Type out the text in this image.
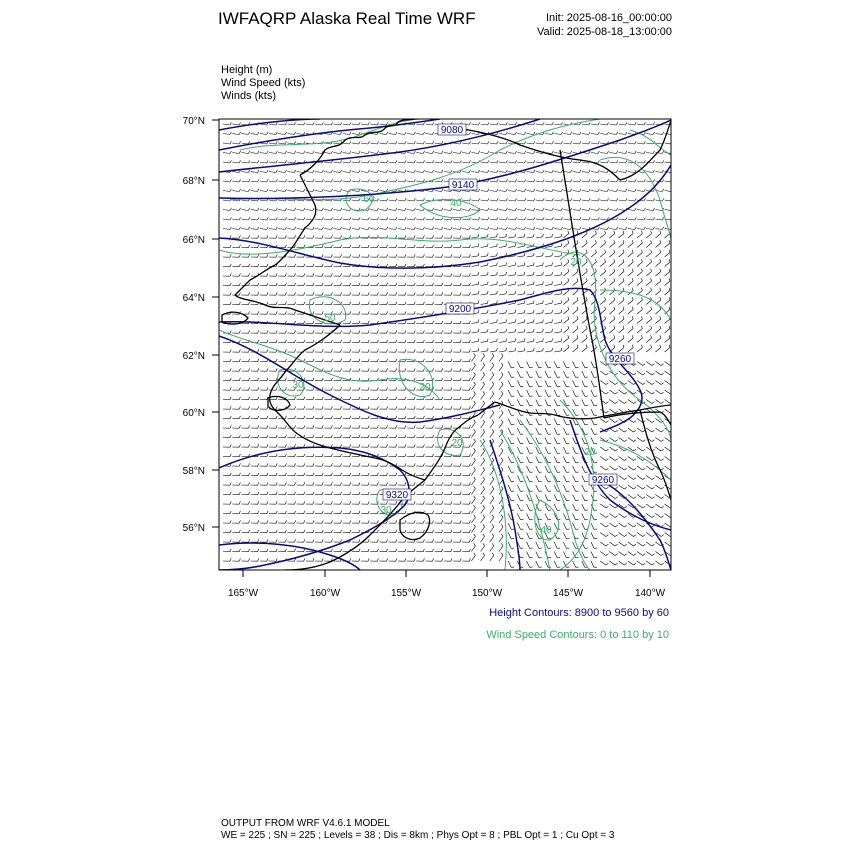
IWFAQRP Alaska Real Time WRF	Init: 2025-08-16_00:00:00
Valid: 2025-08-18_13:00:00
Height (m)
Wind Speed (kts)
Winds (kts)
70°N
68°N
66°N
64°N
62°N
60°N
58°N
56°N
165°W	160°W	155°W	150°W	145°W	140°W
9080
9140
9200
9260
9260
9320
60	40
20
50
30	20
20
40
20
30
Height Contours: 8900 to 9560 by 60
Wind Speed Contours: 0 to 110 by 10
OUTPUT FROM WRF V4.6.1 MODEL
WE = 225 ; SN = 225 ; Levels = 38 ; Dis = 8km ; Phys Opt = 8 ; PBL Opt = 1 ; Cu Opt = 3
